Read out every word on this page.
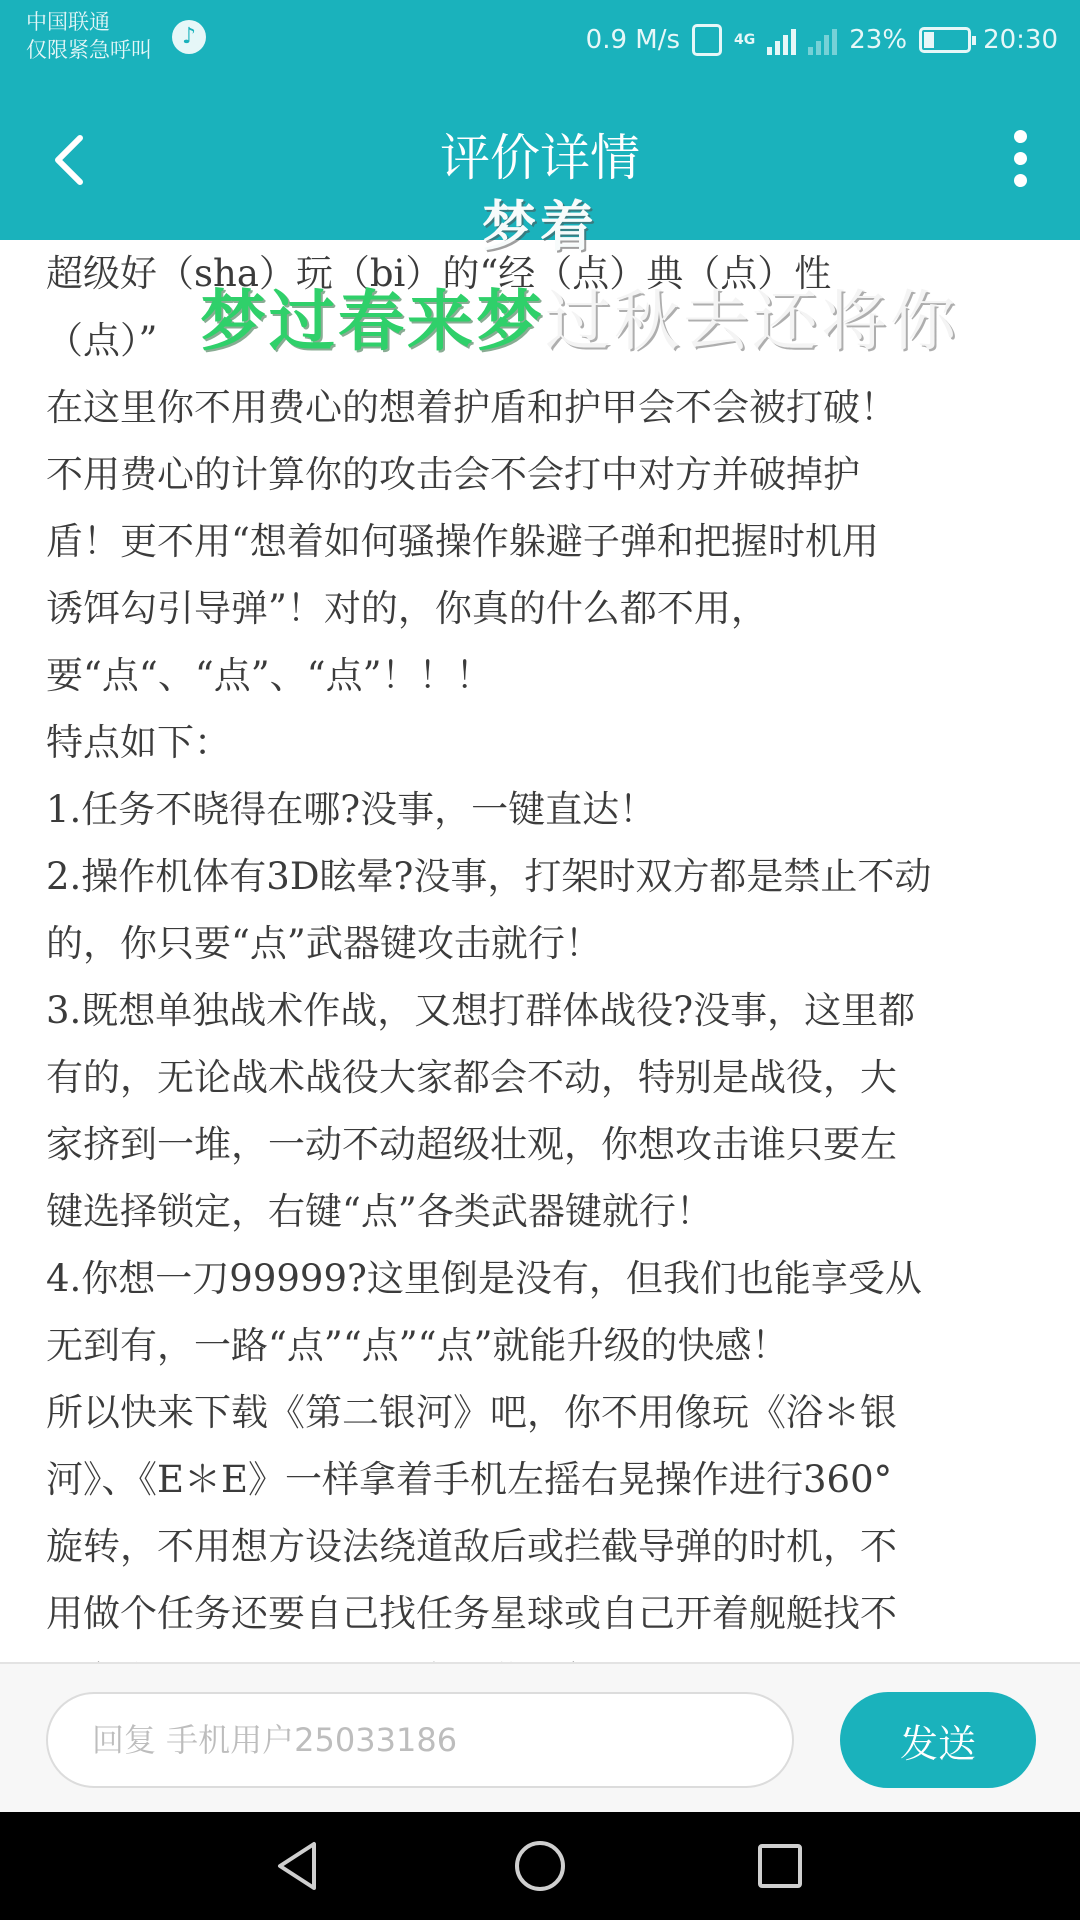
中国联通
仅限紧急呼叫
♪	0.9 M/s	4G	23%	20:30
评价详情

超级好（sha）玩（bi）的“经（点）典（点）性

（点）”

在这里你不用费心的想着护盾和护甲会不会被打破！

不用费心的计算你的攻击会不会打中对方并破掉护

盾！更不用“想着如何骚操作躲避子弹和把握时机用

诱饵勾引导弹”！对的，你真的什么都不用，

要“点“、“点”、“点”！！！

特点如下：

1.任务不晓得在哪?没事，一键直达！

2.操作机体有3D眩晕?没事，打架时双方都是禁止不动

的，你只要“点”武器键攻击就行！

3.既想单独战术作战，又想打群体战役?没事，这里都

有的，无论战术战役大家都会不动，特别是战役，大

家挤到一堆，一动不动超级壮观，你想攻击谁只要左

键选择锁定，右键“点”各类武器键就行！

4.你想一刀99999?这里倒是没有，但我们也能享受从

无到有，一路“点”“点”“点”就能升级的快感！

所以快来下载《第二银河》吧，你不用像玩《浴＊银

河》、《E＊E》一样拿着手机左摇右晃操作进行360°

旋转，不用想方设法绕道敌后或拦截导弹的时机，不

用做个任务还要自己找任务星球或自己开着舰艇找不

梦着
梦过春来梦过秋去还将你
回复 手机用户25033186
发送
